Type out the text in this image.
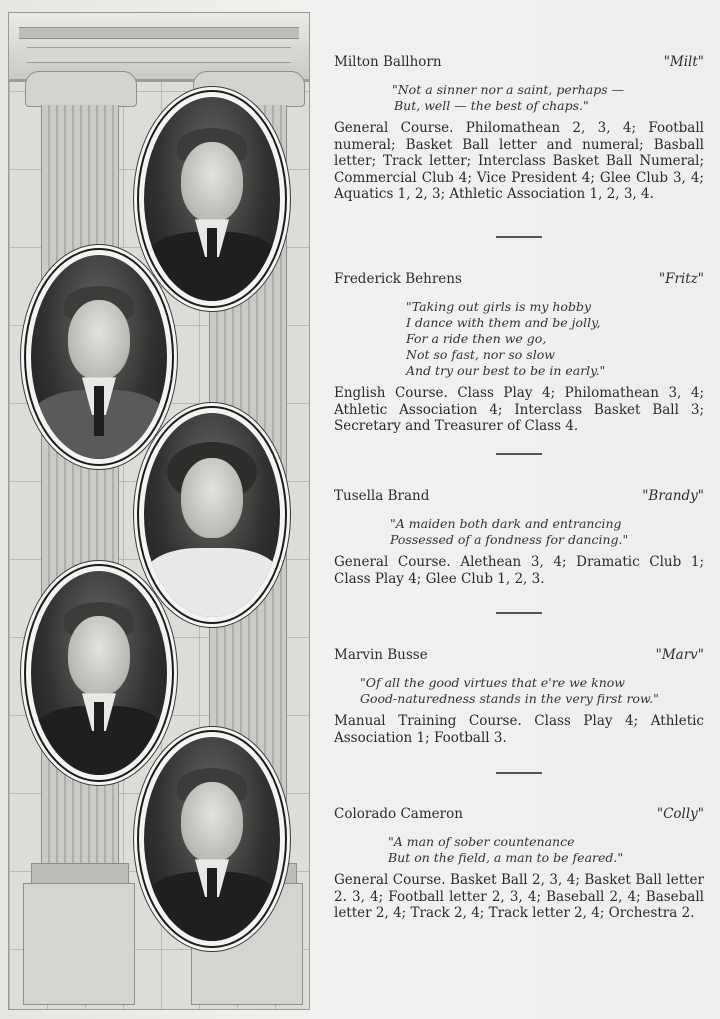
Milton Ballhorn	"Milt"
"Not a sinner nor a saint, perhaps —
But, well — the best of chaps."
General Course. Philomathean 2, 3, 4; Football numeral; Basket Ball letter and numeral; Basball letter; Track letter; Interclass Basket Ball Numeral; Commercial Club 4; Vice President 4; Glee Club 3, 4; Aquatics 1, 2, 3; Athletic Association 1, 2, 3, 4.
Frederick Behrens	"Fritz"
"Taking out girls is my hobby
I dance with them and be jolly,
For a ride then we go,
Not so fast, nor so slow
And try our best to be in early."
English Course. Class Play 4; Philomathean 3, 4; Athletic Association 4; Interclass Basket Ball 3; Secretary and Treasurer of Class 4.
Tusella Brand	"Brandy"
"A maiden both dark and entrancing
Possessed of a fondness for dancing."
General Course. Alethean 3, 4; Dramatic Club 1; Class Play 4; Glee Club 1, 2, 3.
Marvin Busse	"Marv"
"Of all the good virtues that e're we know
Good-naturedness stands in the very first row."
Manual Training Course. Class Play 4; Athletic Association 1; Football 3.
Colorado Cameron	"Colly"
"A man of sober countenance
But on the field, a man to be feared."
General Course. Basket Ball 2, 3, 4; Basket Ball letter 2. 3, 4; Football letter 2, 3, 4; Baseball 2, 4; Baseball letter 2, 4; Track 2, 4; Track letter 2, 4; Orchestra 2.
